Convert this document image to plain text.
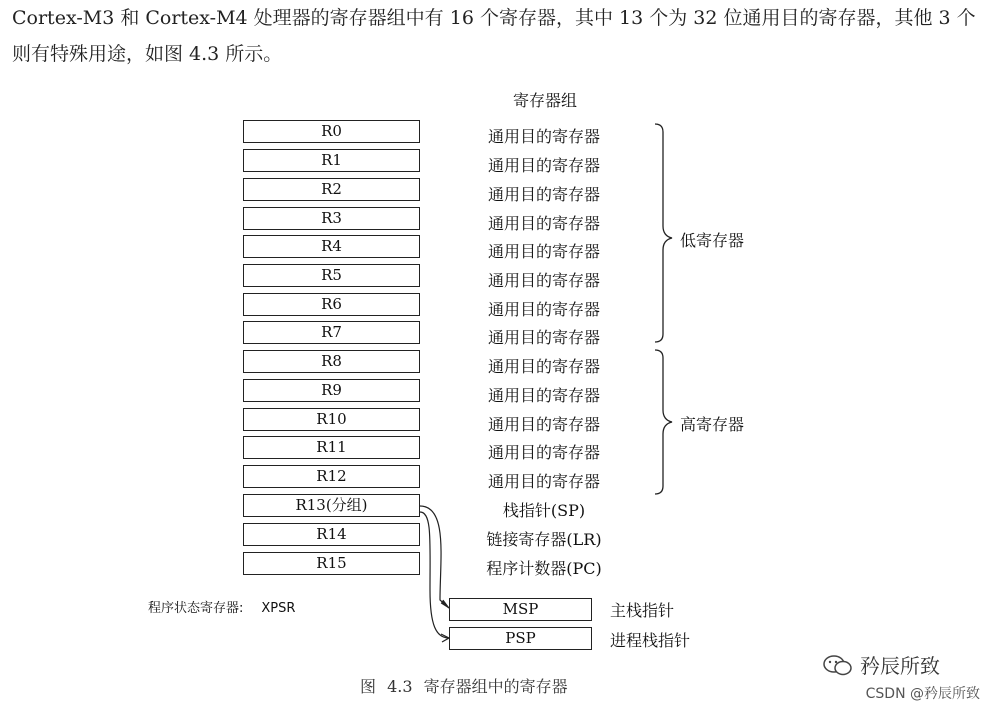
Cortex-M3 和 Cortex-M4 处理器的寄存器组中有 16 个寄存器，其中 13 个为 32 位通用目的寄存器，其他 3 个则有特殊用途，如图 4.3 所示。
寄存器组
R0
R1
R2
R3
R4
R5
R6
R7
R8
R9
R10
R11
R12
R13(分组)
R14
R15
通用目的寄存器
通用目的寄存器
通用目的寄存器
通用目的寄存器
通用目的寄存器
通用目的寄存器
通用目的寄存器
通用目的寄存器
通用目的寄存器
通用目的寄存器
通用目的寄存器
通用目的寄存器
通用目的寄存器
栈指针(SP)
链接寄存器(LR)
程序计数器(PC)
低寄存器
高寄存器
MSP	主栈指针
PSP	进程栈指针
程序状态寄存器: XPSR
图 4.3 寄存器组中的寄存器
矜辰所致
CSDN @矜辰所致
